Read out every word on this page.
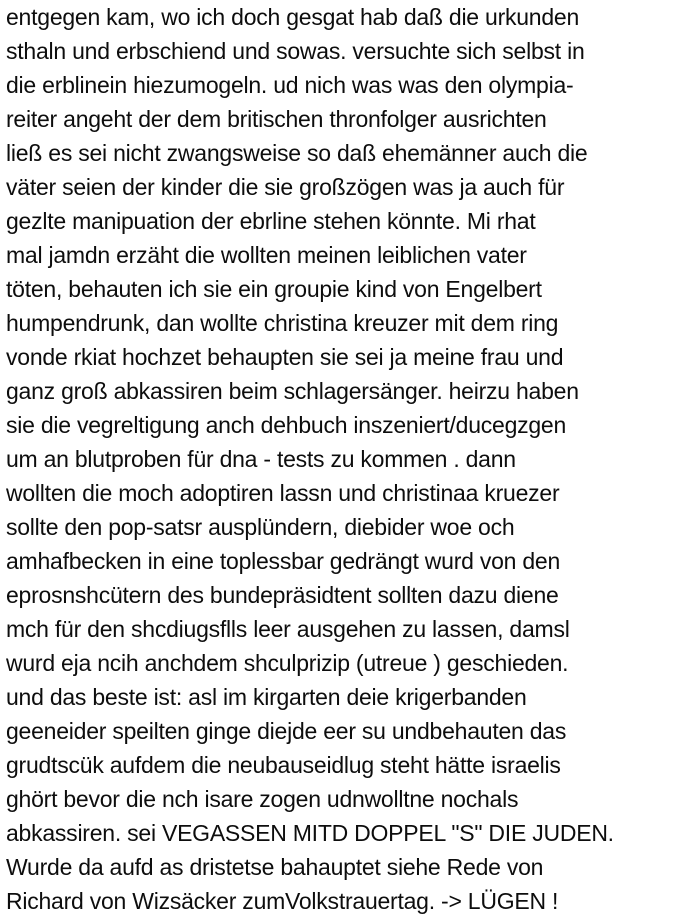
entgegen kam, wo ich doch gesgat hab daß die urkunden
sthaln und erbschiend und sowas. versuchte sich selbst in
die erblinein hiezumogeln. ud nich was was den olympia-
reiter angeht der dem britischen thronfolger ausrichten
ließ es sei nicht zwangsweise so daß ehemänner auch die
väter seien der kinder die sie großzögen was ja auch für
gezlte manipuation der ebrline stehen könnte. Mi rhat
mal jamdn erzäht die wollten meinen leiblichen vater
töten, behauten ich sie ein groupie kind von Engelbert
humpendrunk, dan wollte christina kreuzer mit dem ring
vonde rkiat hochzet behaupten sie sei ja meine frau und
ganz groß abkassiren beim schlagersänger. heirzu haben
sie die vegreltigung anch dehbuch inszeniert/ducegzgen
um an blutproben für dna - tests zu kommen . dann
wollten die moch adoptiren lassn und christinaa kruezer
sollte den pop-satsr ausplündern, diebider woe och
amhafbecken in eine toplessbar gedrängt wurd von den
eprosnshcütern des bundepräsidtent sollten dazu diene
mch für den shcdiugsflls leer ausgehen zu lassen, damsl
wurd eja ncih anchdem shculprizip (utreue ) geschieden.
und das beste ist: asl im kirgarten deie krigerbanden
geeneider speilten ginge diejde eer su undbehauten das
grudtscük aufdem die neubauseidlug steht hätte israelis
ghört bevor die nch isare zogen udnwolltne nochals
abkassiren. sei VEGASSEN MITD DOPPEL "S" DIE JUDEN.
Wurde da aufd as dristetse bahauptet siehe Rede von
Richard von Wizsäcker zumVolkstrauertag. -> LÜGEN !
